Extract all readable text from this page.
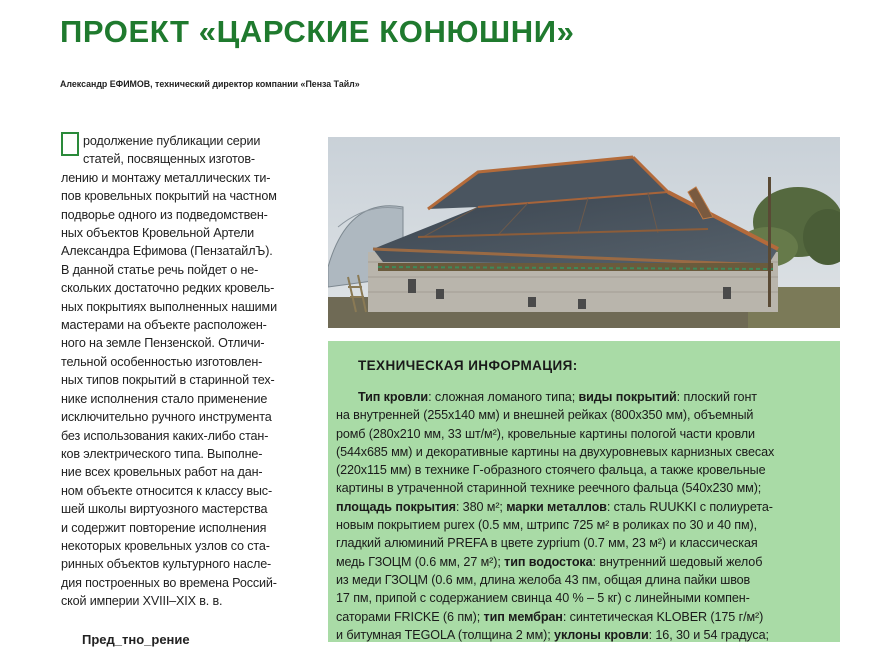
ПРОЕКТ «ЦАРСКИЕ КОНЮШНИ»
Александр ЕФИМОВ, технический директор компании «Пенза Тайл»
родолжение публикации серии
статей, посвященных изготов-
лению и монтажу металлических ти-
пов кровельных покрытий на частном
подворье одного из подведомствен-
ных объектов Кровельной Артели
Александра Ефимова (ПензатайлЪ).
В данной статье речь пойдет о не-
скольких достаточно редких кровель-
ных покрытиях выполненных нашими
мастерами на объекте расположен-
ного на земле Пензенской. Отличи-
тельной особенностью изготовлен-
ных типов покрытий в старинной тех-
нике исполнения стало применение
исключительно ручного инструмента
без использования каких-либо стан-
ков электрического типа. Выполне-
ние всех кровельных работ на дан-
ном объекте относится к классу выс-
шей школы виртуозного мастерства
и содержит повторение исполнения
некоторых кровельных узлов со ста-
ринных объектов культурного насле-
дия построенных во времена Россий-
ской империи XVIII–XIX в. в.
Пред_тно_рение
ТЕХНИЧЕСКАЯ ИНФОРМАЦИЯ:
Тип кровли: сложная ломаного типа; виды покрытий: плоский гонт
на внутренней (255х140 мм) и внешней рейках (800х350 мм), объемный
ромб (280х210 мм, 33 шт/м²), кровельные картины пологой части кровли
(544х685 мм) и декоративные картины на двухуровневых карнизных свесах
(220х115 мм) в технике Г-образного стоячего фальца, а также кровельные
картины в утраченной старинной технике реечного фальца (540х230 мм);
площадь покрытия: 380 м²; марки металлов: сталь RUUKKI с полиурета-
новым покрытием purex (0.5 мм, штрипс 725 м² в роликах по 30 и 40 пм),
гладкий алюминий PREFA в цвете zyprium (0.7 мм, 23 м²) и классическая
медь ГЗОЦМ (0.6 мм, 27 м²); тип водостока: внутренний шедовый желоб
из меди ГЗОЦМ (0.6 мм, длина желоба 43 пм, общая длина пайки швов
17 пм, припой с содержанием свинца 40 % – 5 кг) с линейными компен-
саторами FRICKE (6 пм); тип мембран: синтетическая KLOBER (175 г/м²)
и битумная TEGOLA (толщина 2 мм); уклоны кровли: 16, 30 и 54 градуса;
